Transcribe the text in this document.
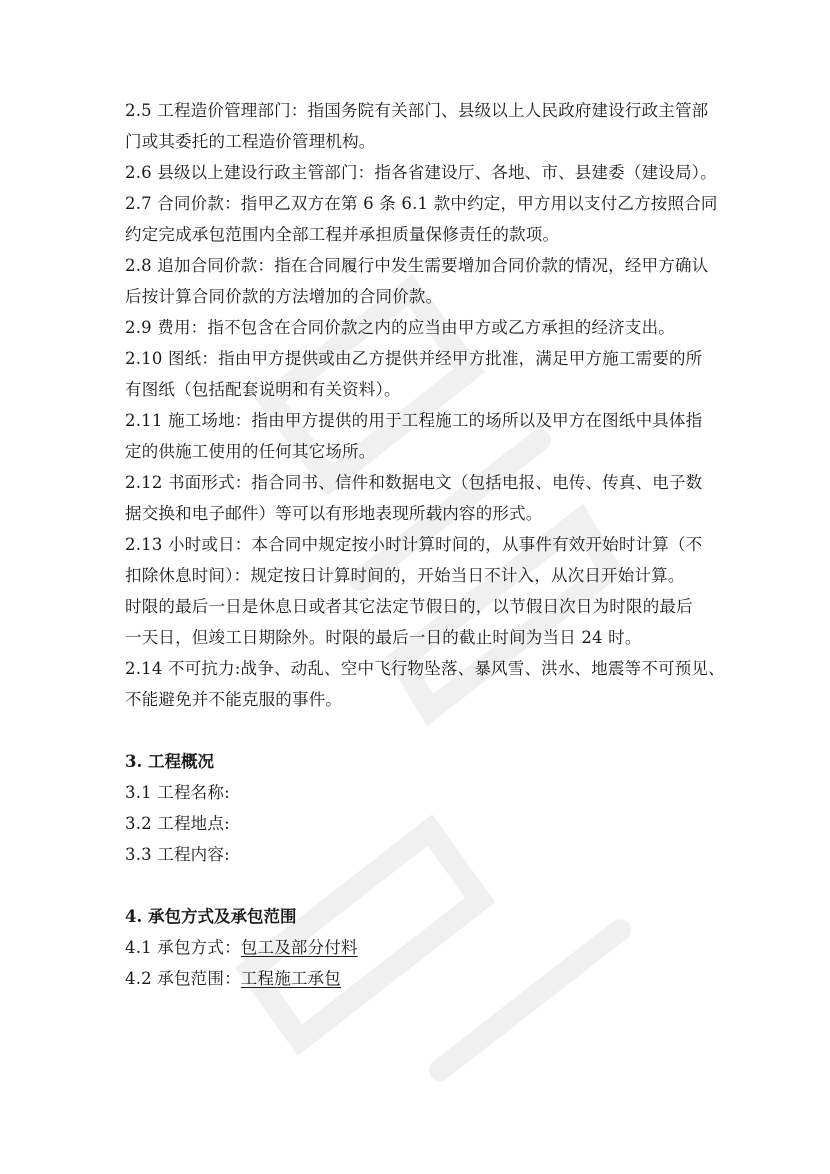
2.5 工程造价管理部门：指国务院有关部门、县级以上人民政府建设行政主管部
门或其委托的工程造价管理机构。
2.6 县级以上建设行政主管部门：指各省建设厅、各地、市、县建委（建设局）。
2.7 合同价款：指甲乙双方在第 6 条 6.1 款中约定，甲方用以支付乙方按照合同
约定完成承包范围内全部工程并承担质量保修责任的款项。
2.8 追加合同价款：指在合同履行中发生需要增加合同价款的情况，经甲方确认
后按计算合同价款的方法增加的合同价款。
2.9 费用：指不包含在合同价款之内的应当由甲方或乙方承担的经济支出。
2.10 图纸：指由甲方提供或由乙方提供并经甲方批准，满足甲方施工需要的所
有图纸（包括配套说明和有关资料）。
2.11 施工场地：指由甲方提供的用于工程施工的场所以及甲方在图纸中具体指
定的供施工使用的任何其它场所。
2.12 书面形式：指合同书、信件和数据电文（包括电报、电传、传真、电子数
据交换和电子邮件）等可以有形地表现所载内容的形式。
2.13 小时或日：本合同中规定按小时计算时间的，从事件有效开始时计算（不
扣除休息时间）：规定按日计算时间的，开始当日不计入，从次日开始计算。
时限的最后一日是休息日或者其它法定节假日的，以节假日次日为时限的最后
一天日，但竣工日期除外。时限的最后一日的截止时间为当日 24 时。
2.14 不可抗力:战争、动乱、空中飞行物坠落、暴风雪、洪水、地震等不可预见、
不能避免并不能克服的事件。
3. 工程概况
3.1 工程名称:
3.2 工程地点:
3.3 工程内容:
4. 承包方式及承包范围
4.1 承包方式：包工及部分付料
4.2 承包范围：工程施工承包
